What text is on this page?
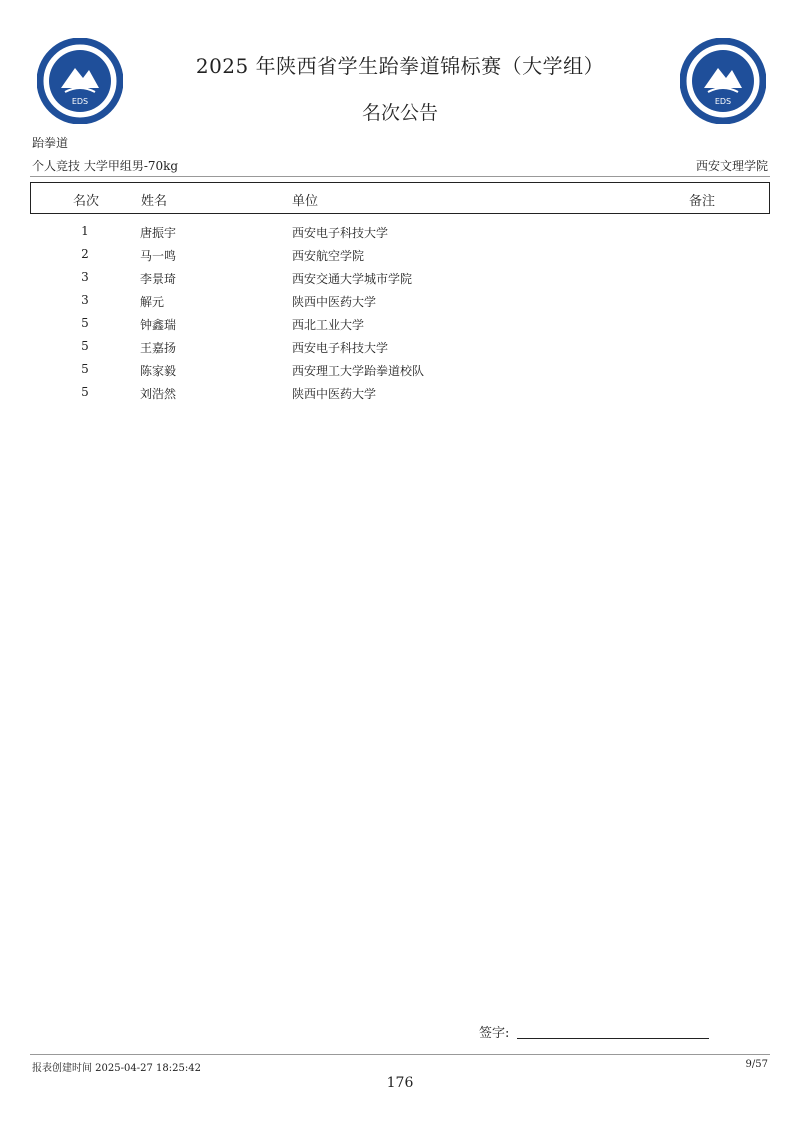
EDS	EDS
2025 年陕西省学生跆拳道锦标赛（大学组）
名次公告
跆拳道
个人竞技 大学甲组男-70kg	西安文理学院
名次	姓名	单位	备注
1	唐振宇	西安电子科技大学
2	马一鸣	西安航空学院
3	李景琦	西安交通大学城市学院
3	解元	陕西中医药大学
5	钟鑫瑞	西北工业大学
5	王嘉扬	西安电子科技大学
5	陈家毅	西安理工大学跆拳道校队
5	刘浩然	陕西中医药大学
签字:
报表创建时间 2025-04-27 18:25:42	9/57
176
